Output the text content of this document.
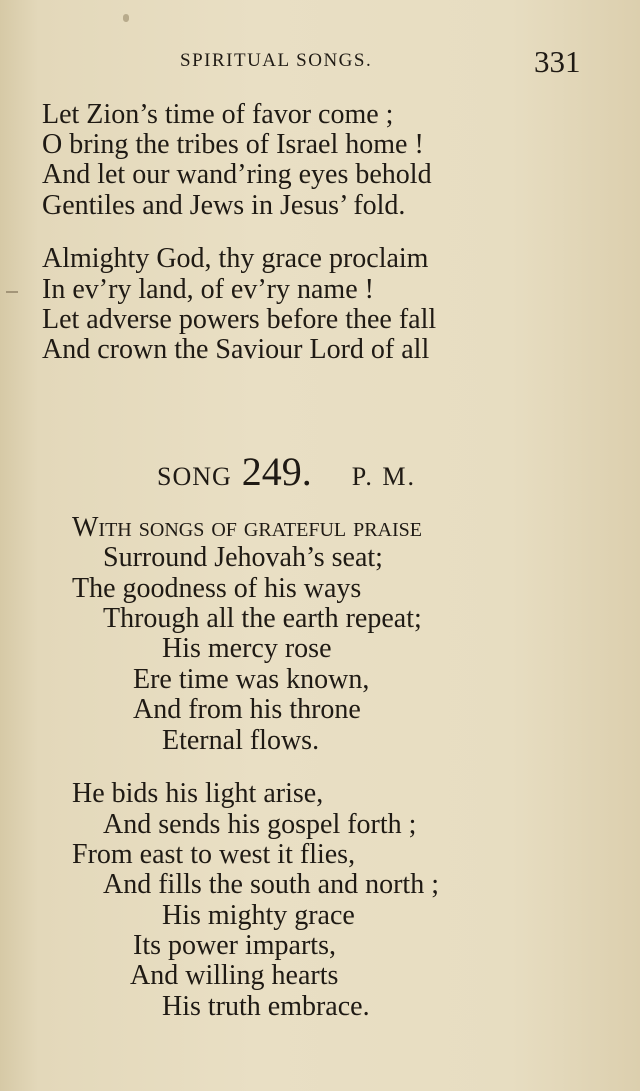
SPIRITUAL SONGS.	331
Let Zion’s time of favor come ;
O bring the tribes of Israel home !
And let our wand’ring eyes behold
Gentiles and Jews in Jesus’ fold.
Almighty God, thy grace proclaim
In ev’ry land, of ev’ry name !
Let adverse powers before thee fall
And crown the Saviour Lord of all
SONG 249. P. M.
With songs of grateful praise
Surround Jehovah’s seat;
The goodness of his ways
Through all the earth repeat;
His mercy rose
Ere time was known,
And from his throne
Eternal flows.
He bids his light arise,
And sends his gospel forth ;
From east to west it flies,
And fills the south and north ;
His mighty grace
Its power imparts,
And willing hearts
His truth embrace.
